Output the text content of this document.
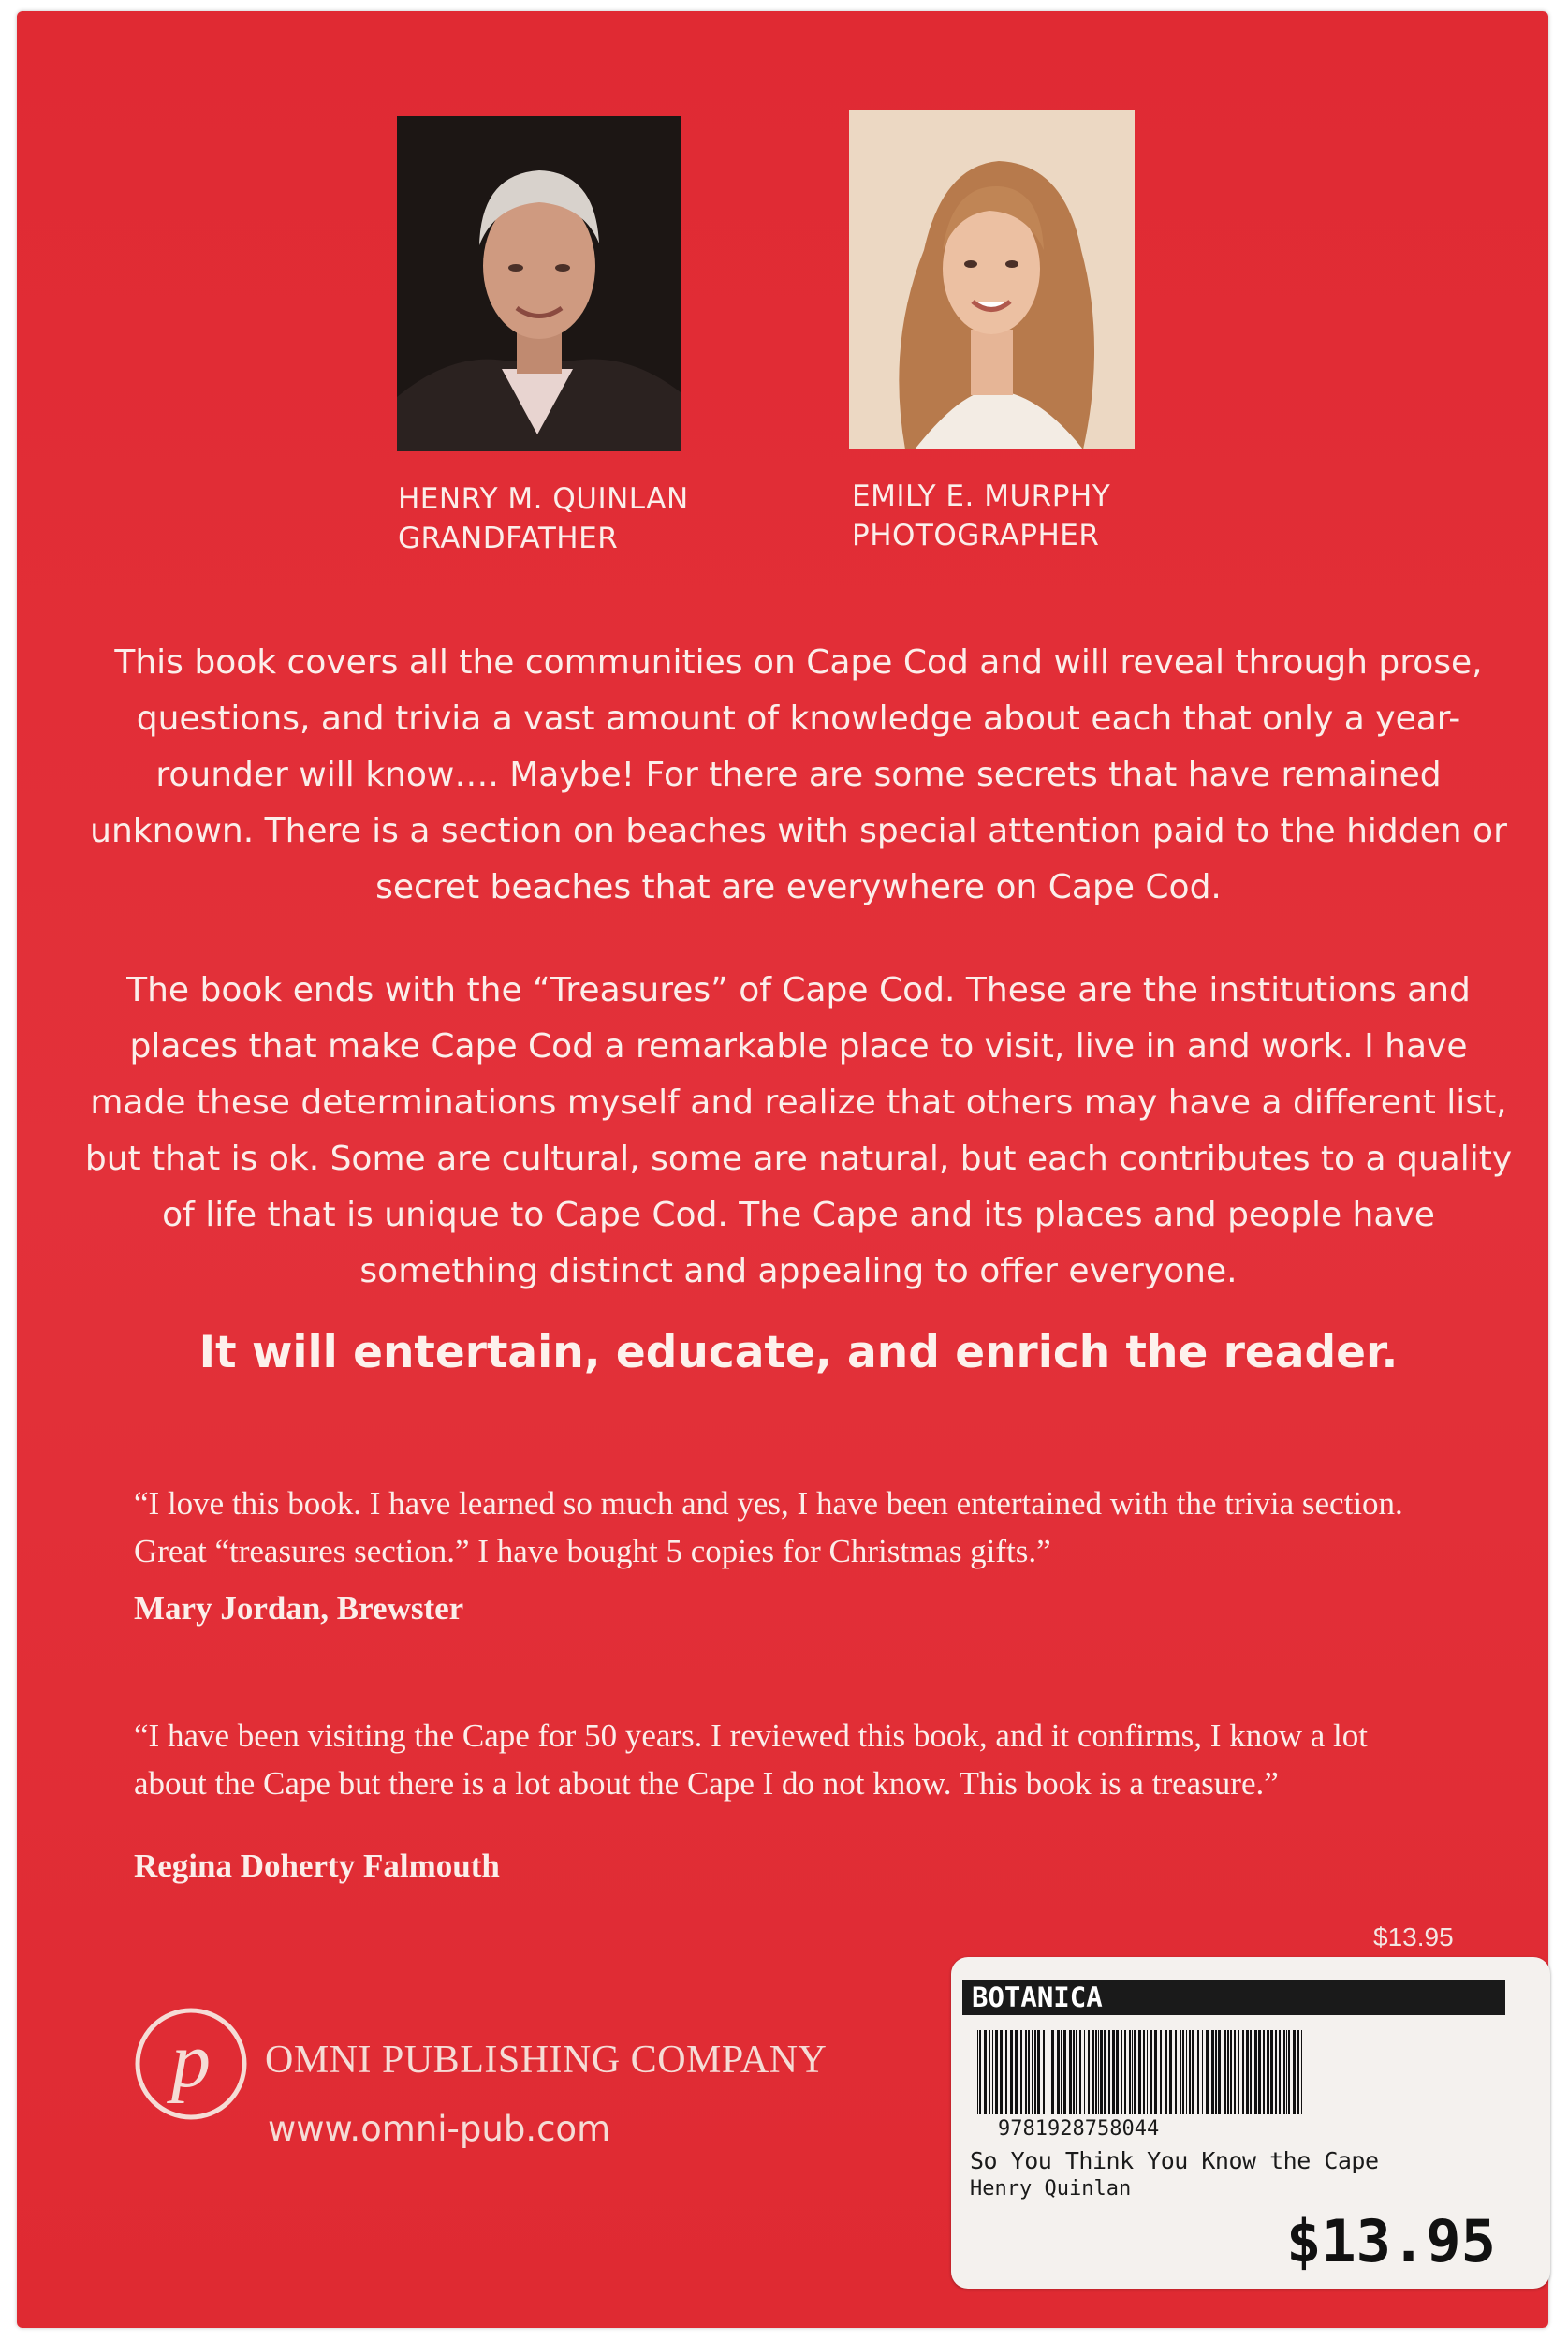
HENRY M. QUINLAN
GRANDFATHER
EMILY E. MURPHY
PHOTOGRAPHER
This book covers all the communities on Cape Cod and will reveal through prose, questions, and trivia a vast amount of knowledge about each that only a year-rounder will know…. Maybe! For there are some secrets that have remained unknown. There is a section on beaches with special attention paid to the hidden or secret beaches that are everywhere on Cape Cod.
The book ends with the “Treasures” of Cape Cod. These are the institutions and places that make Cape Cod a remarkable place to visit, live in and work. I have made these determinations myself and realize that others may have a different list, but that is ok. Some are cultural, some are natural, but each contributes to a quality of life that is unique to Cape Cod. The Cape and its places and people have something distinct and appealing to offer everyone.
It will entertain, educate, and enrich the reader.
“I love this book. I have learned so much and yes, I have been entertained with the trivia section. Great “treasures section.” I have bought 5 copies for Christmas gifts.”
Mary Jordan, Brewster
“I have been visiting the Cape for 50 years. I reviewed this book, and it confirms, I know a lot about the Cape but there is a lot about the Cape I do not know. This book is a treasure.”
Regina Doherty Falmouth
p OMNI PUBLISHING COMPANY
www.omni-pub.com
$13.95
BOTANICA
9781928758044
So You Think You Know the Cape
Henry Quinlan
$13.95
